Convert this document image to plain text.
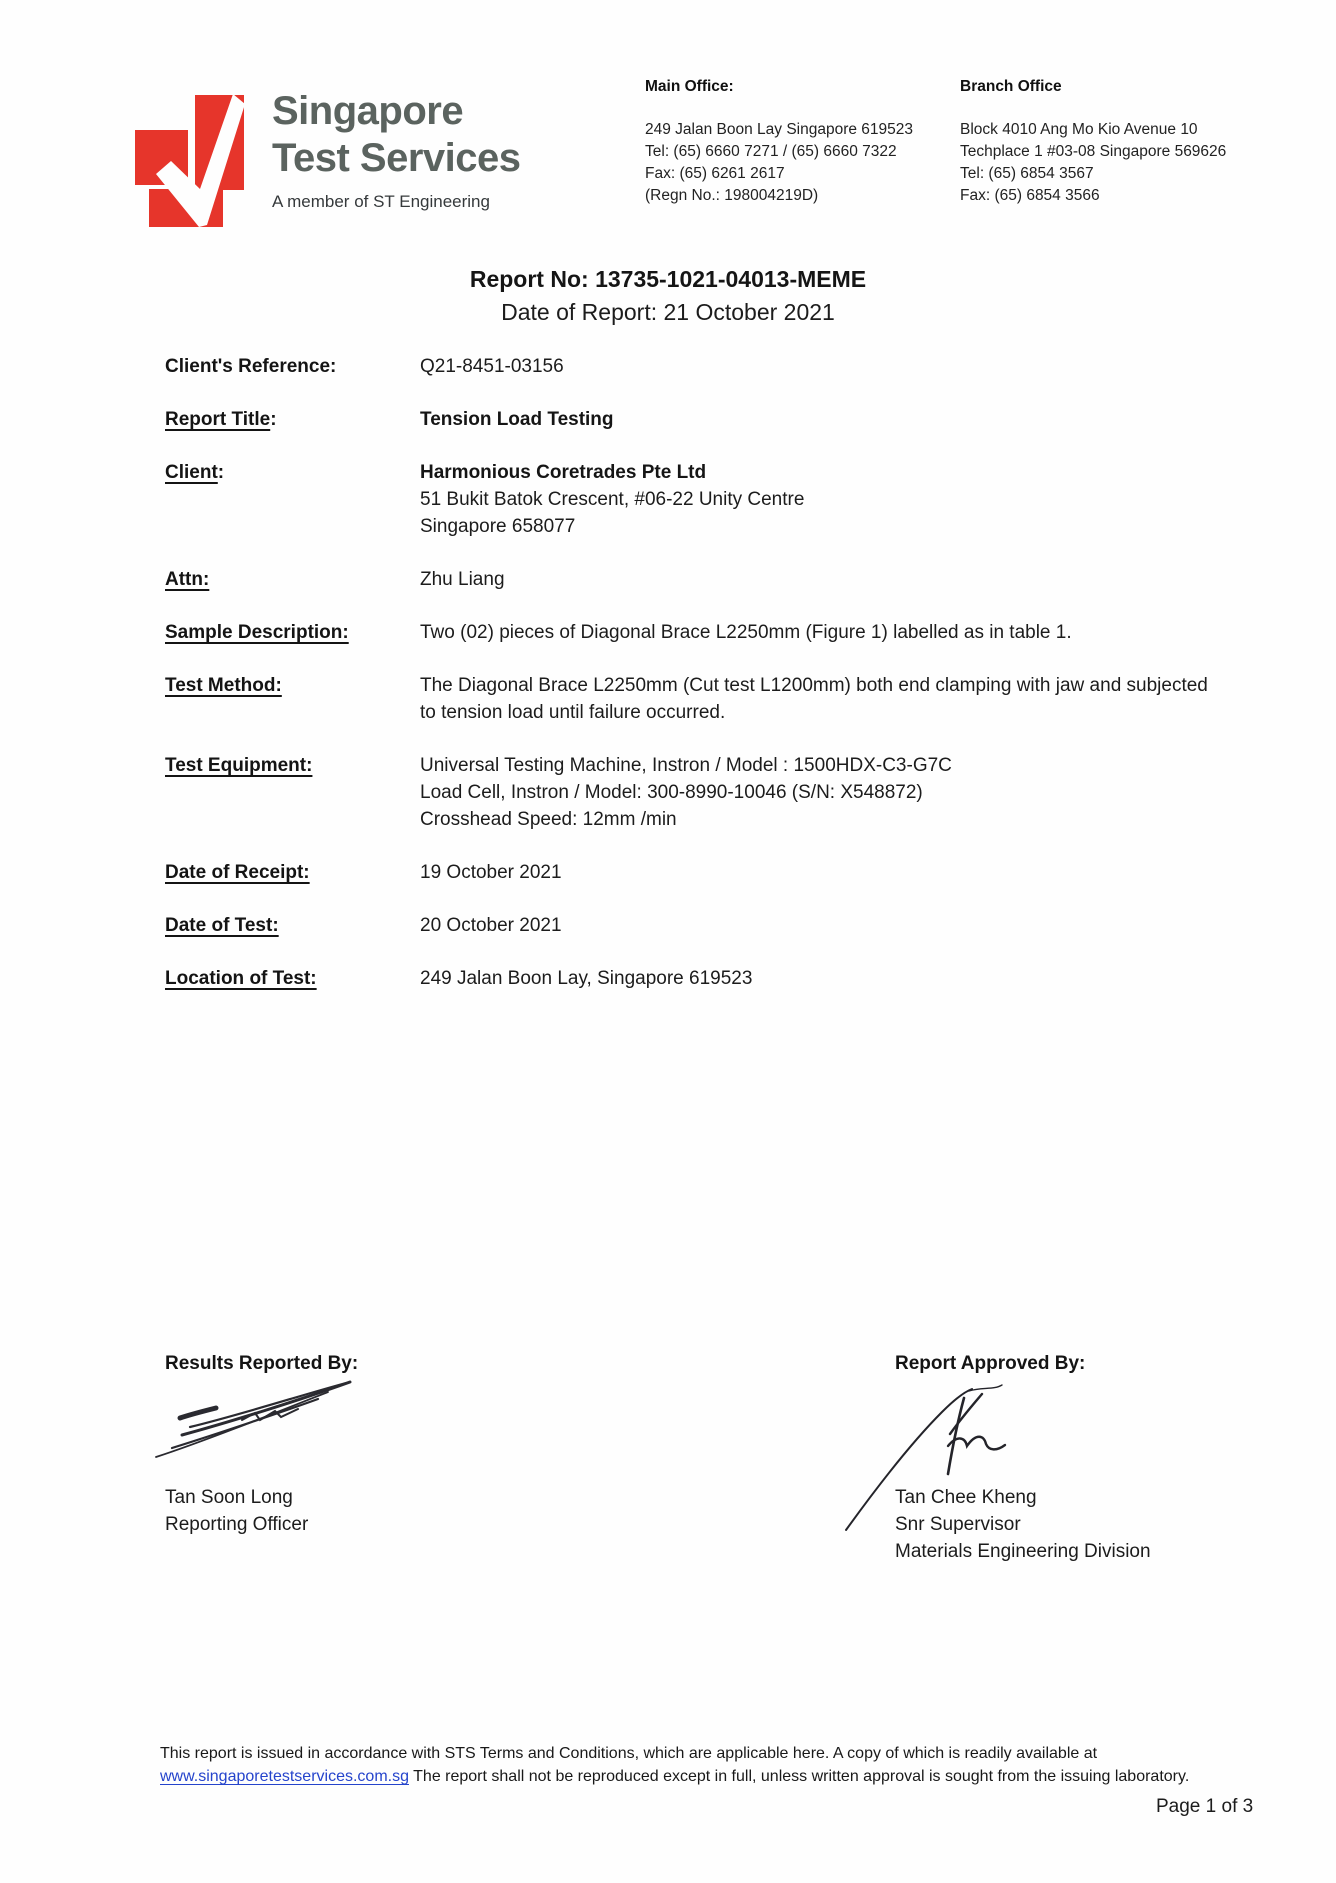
Singapore
Test Services
A member of ST Engineering
Main Office:
249 Jalan Boon Lay Singapore 619523
Tel: (65) 6660 7271 / (65) 6660 7322
Fax: (65) 6261 2617
(Regn No.: 198004219D)
Branch Office
Block 4010 Ang Mo Kio Avenue 10
Techplace 1 #03-08 Singapore 569626
Tel: (65) 6854 3567
Fax: (65) 6854 3566
Report No: 13735-1021-04013-MEME
Date of Report: 21 October 2021
Client's Reference:	Q21-8451-03156
Report Title:	Tension Load Testing
Client:	Harmonious Coretrades Pte Ltd
51 Bukit Batok Crescent, #06-22 Unity Centre
Singapore 658077
Attn:	Zhu Liang
Sample Description:	Two (02) pieces of Diagonal Brace L2250mm (Figure 1) labelled as in table 1.
Test Method:	The Diagonal Brace L2250mm (Cut test L1200mm) both end clamping with jaw and subjected to tension load until failure occurred.
Test Equipment:	Universal Testing Machine, Instron / Model : 1500HDX-C3-G7C
Load Cell, Instron / Model: 300-8990-10046 (S/N: X548872)
Crosshead Speed: 12mm /min
Date of Receipt:	19 October 2021
Date of Test:	20 October 2021
Location of Test:	249 Jalan Boon Lay, Singapore 619523
Results Reported By:	Report Approved By:
Tan Soon Long
Reporting Officer
Tan Chee Kheng
Snr Supervisor
Materials Engineering Division
This report is issued in accordance with STS Terms and Conditions, which are applicable here. A copy of which is readily available at
www.singaporetestservices.com.sg The report shall not be reproduced except in full, unless written approval is sought from the issuing laboratory.
Page 1 of 3
